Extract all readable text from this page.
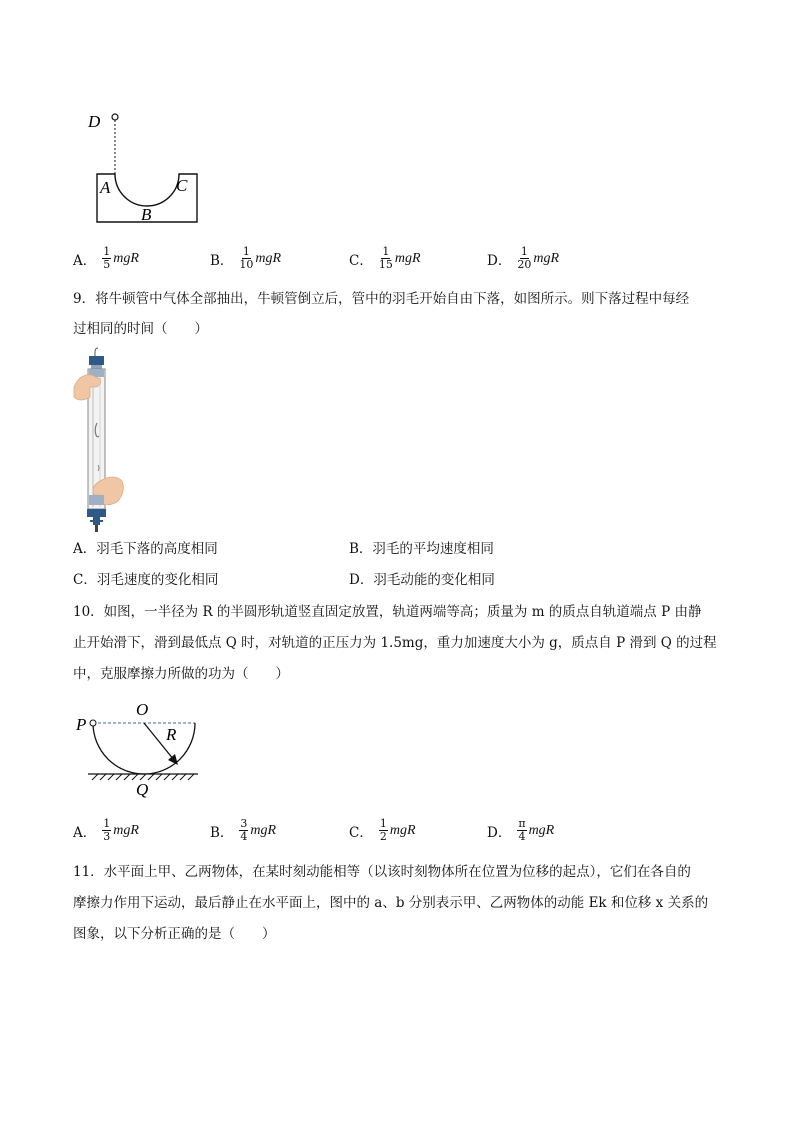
D
A	C
B
A． $\frac{1}{5}$ mgR	B． $\frac{1}{10}$ mgR	C． $\frac{1}{15}$ mgR	D． $\frac{1}{20}$ mgR
9．将牛顿管中气体全部抽出，牛顿管倒立后，管中的羽毛开始自由下落，如图所示。则下落过程中每经
过相同的时间（　　）
A．羽毛下落的高度相同	B．羽毛的平均速度相同
C．羽毛速度的变化相同	D．羽毛动能的变化相同
10．如图，一半径为 R 的半圆形轨道竖直固定放置，轨道两端等高；质量为 m 的质点自轨道端点 P 由静
止开始滑下，滑到最低点 Q 时，对轨道的正压力为 1.5mg，重力加速度大小为 g，质点自 P 滑到 Q 的过程
中，克服摩擦力所做的功为（　　）
P
O
R
Q
A． $\frac{1}{3}$ mgR	B． $\frac{3}{4}$ mgR	C． $\frac{1}{2}$ mgR	D． $\frac{\pi}{4}$ mgR
11．水平面上甲、乙两物体，在某时刻动能相等（以该时刻物体所在位置为位移的起点），它们在各自的
摩擦力作用下运动，最后静止在水平面上，图中的 a、b 分别表示甲、乙两物体的动能 Ek 和位移 x 关系的
图象，以下分析正确的是（　　）
